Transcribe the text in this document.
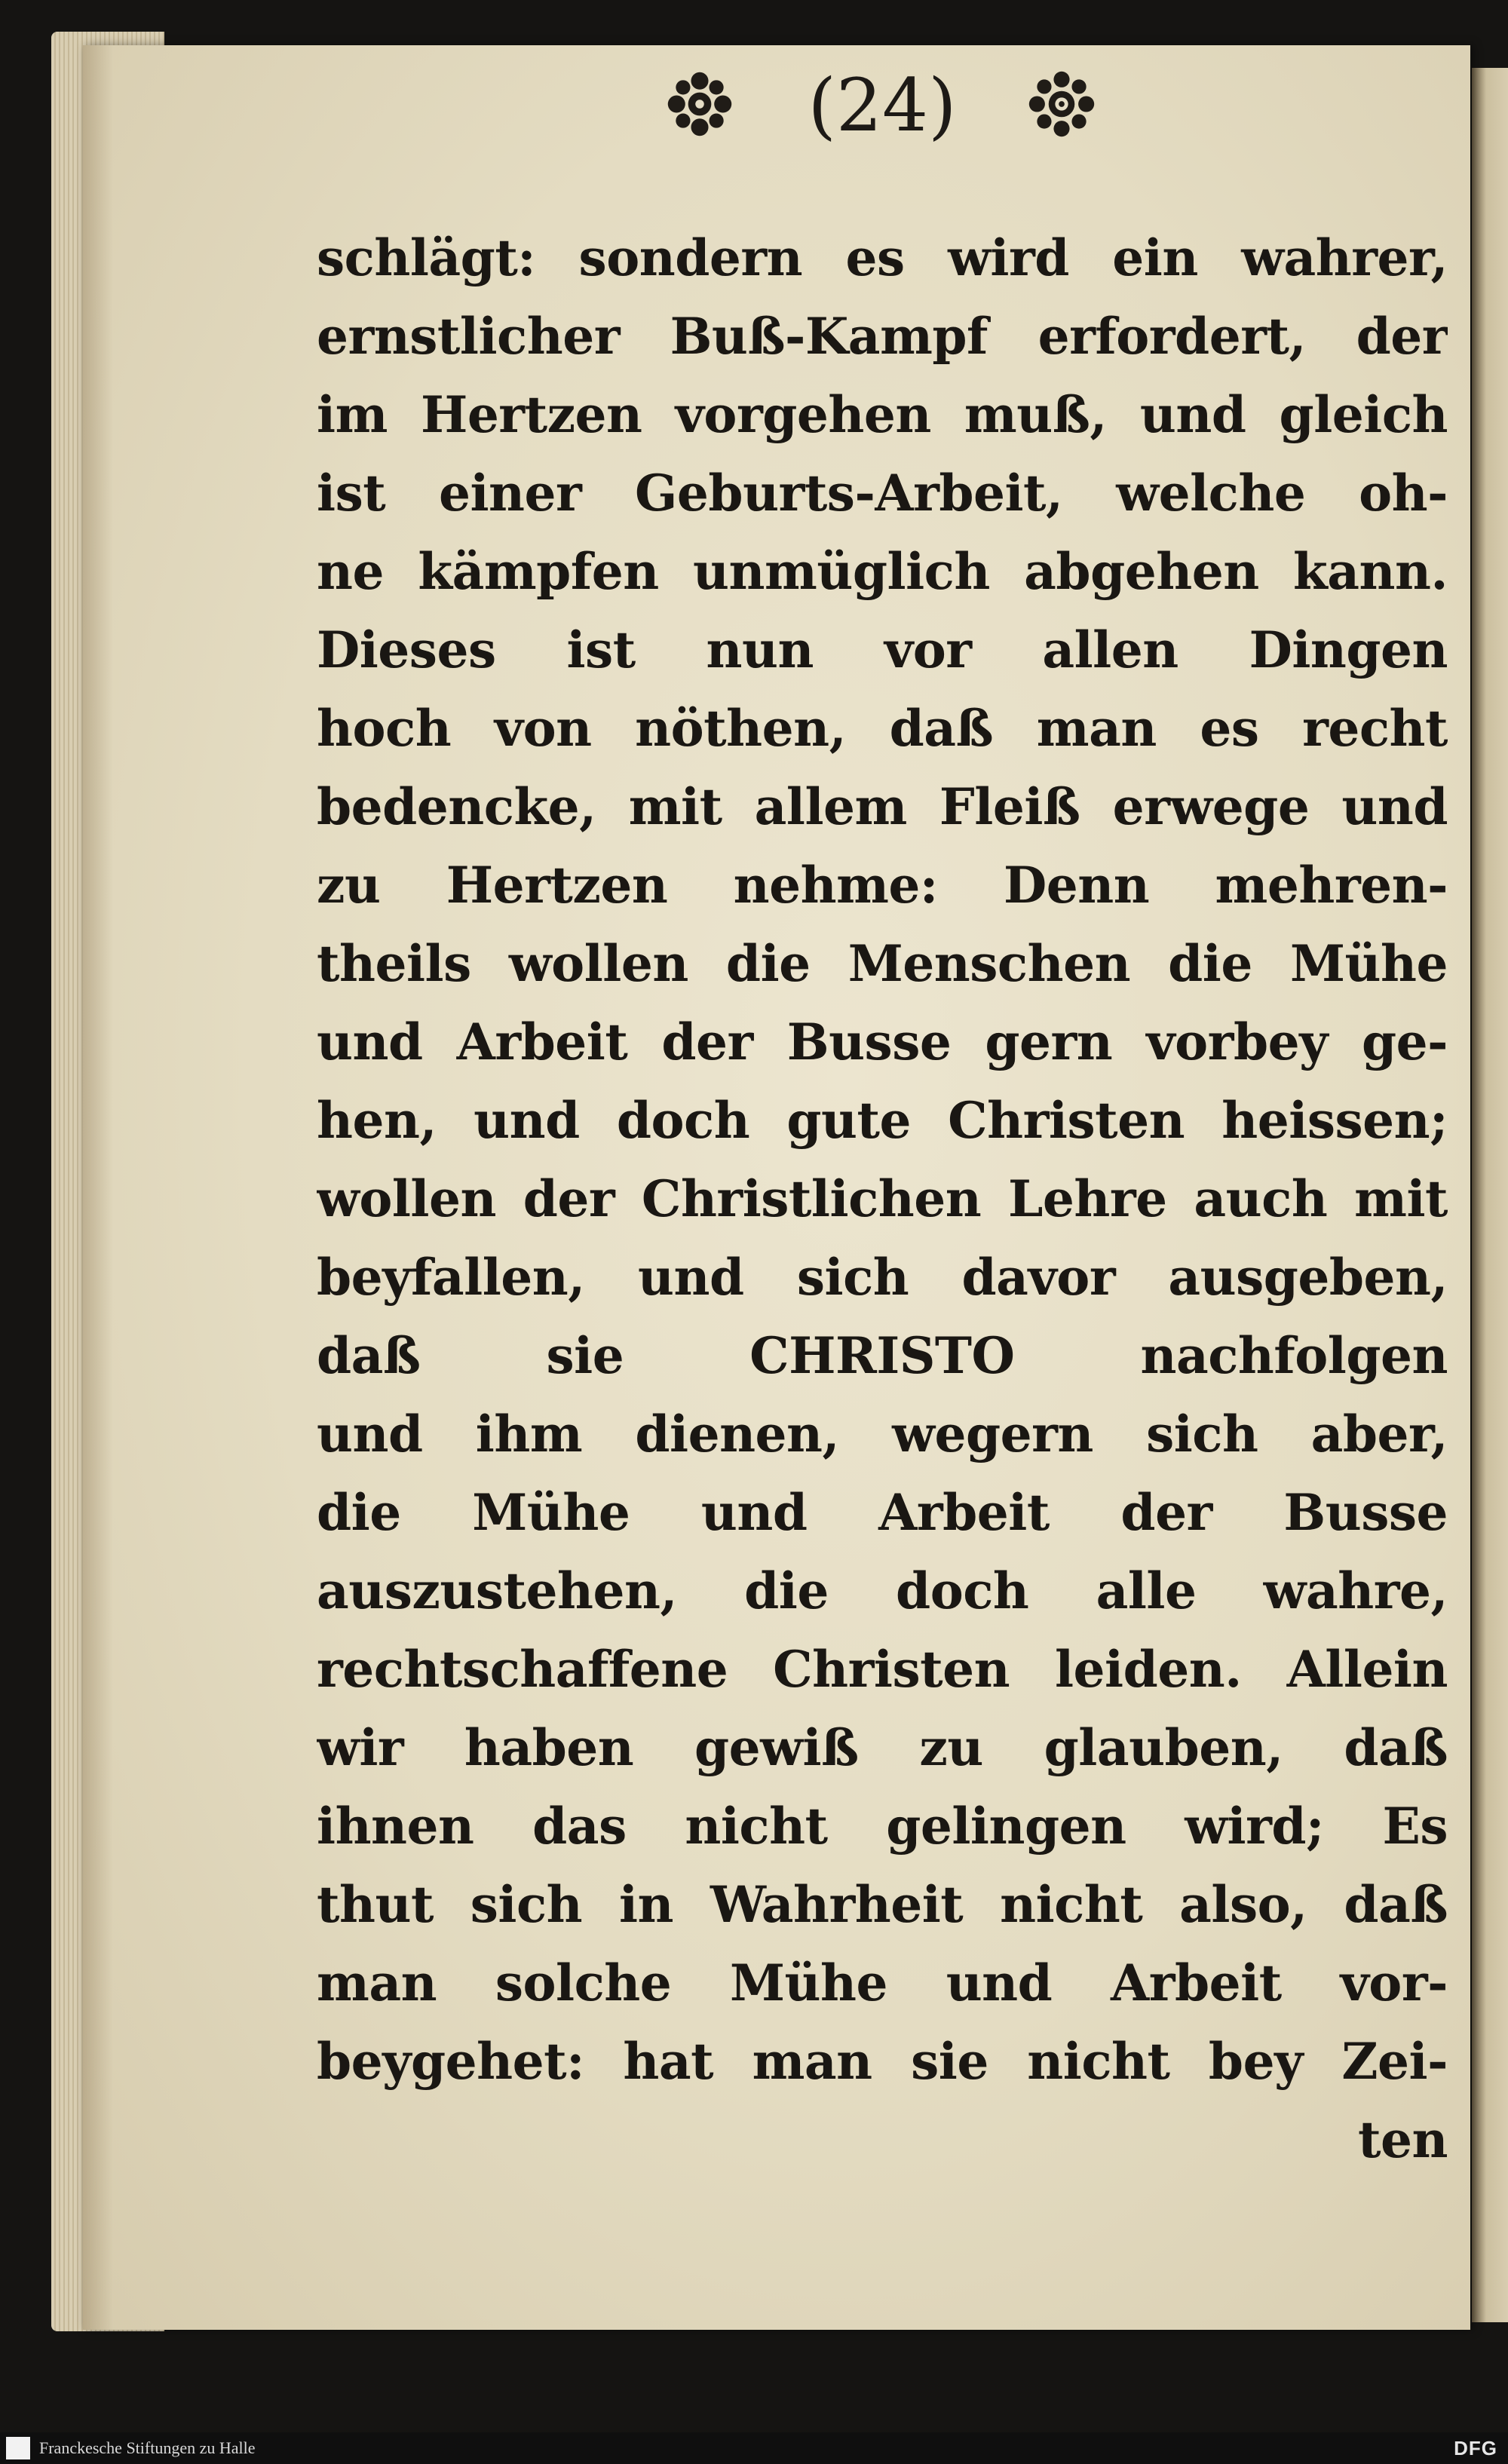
(24)
schlägt: sondern es wird ein wahrer,
ernstlicher Buß-Kampf erfordert, der
im Hertzen vorgehen muß, und gleich
ist einer Geburts-Arbeit, welche oh-
ne kämpfen unmüglich abgehen kann.
Dieses ist nun vor allen Dingen
hoch von nöthen, daß man es recht
bedencke, mit allem Fleiß erwege und
zu Hertzen nehme: Denn mehren-
theils wollen die Menschen die Mühe
und Arbeit der Busse gern vorbey ge-
hen, und doch gute Christen heissen;
wollen der Christlichen Lehre auch mit
beyfallen, und sich davor ausgeben,
daß sie CHRISTO nachfolgen
und ihm dienen, wegern sich aber,
die Mühe und Arbeit der Busse
auszustehen, die doch alle wahre,
rechtschaffene Christen leiden. Allein
wir haben gewiß zu glauben, daß
ihnen das nicht gelingen wird; Es
thut sich in Wahrheit nicht also, daß
man solche Mühe und Arbeit vor-
beygehet: hat man sie nicht bey Zei-
ten
Franckesche Stiftungen zu Halle	DFG
